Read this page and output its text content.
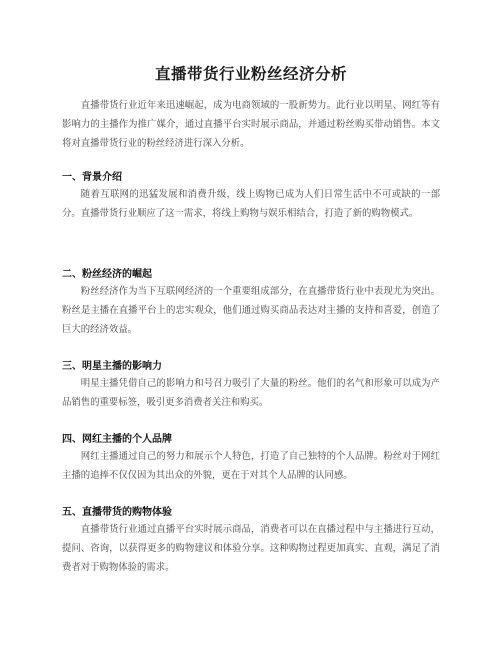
直播带货行业粉丝经济分析

直播带货行业近年来迅速崛起，成为电商领域的一股新势力。此行业以明星、网红等有影响力的主播作为推广媒介，通过直播平台实时展示商品，并通过粉丝购买带动销售。本文将对直播带货行业的粉丝经济进行深入分析。

一、背景介绍

随着互联网的迅猛发展和消费升级，线上购物已成为人们日常生活中不可或缺的一部分。直播带货行业顺应了这一需求，将线上购物与娱乐相结合，打造了新的购物模式。

二、粉丝经济的崛起

粉丝经济作为当下互联网经济的一个重要组成部分，在直播带货行业中表现尤为突出。粉丝是主播在直播平台上的忠实观众，他们通过购买商品表达对主播的支持和喜爱，创造了巨大的经济效益。

三、明星主播的影响力

明星主播凭借自己的影响力和号召力吸引了大量的粉丝。他们的名气和形象可以成为产品销售的重要标签，吸引更多消费者关注和购买。

四、网红主播的个人品牌

网红主播通过自己的努力和展示个人特色，打造了自己独特的个人品牌。粉丝对于网红主播的追捧不仅仅因为其出众的外貌，更在于对其个人品牌的认同感。

五、直播带货的购物体验

直播带货行业通过直播平台实时展示商品，消费者可以在直播过程中与主播进行互动，提问、咨询，以获得更多的购物建议和体验分享。这种购物过程更加真实、直观，满足了消费者对于购物体验的需求。
